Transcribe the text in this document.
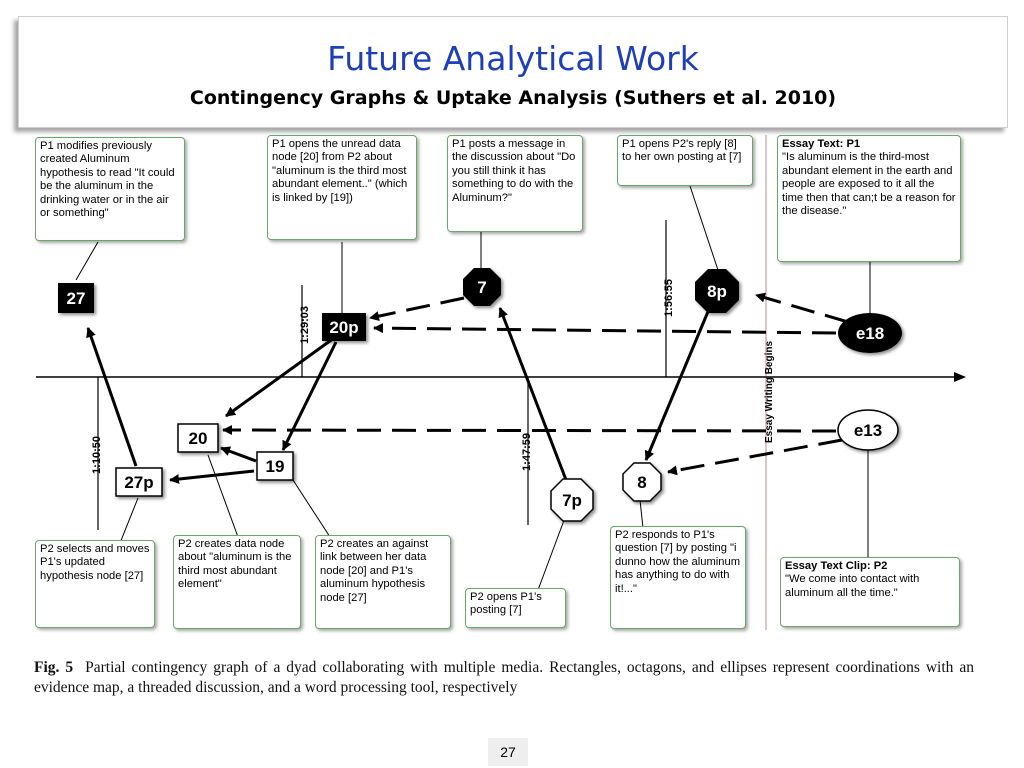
Future Analytical Work
Contingency Graphs & Uptake Analysis (Suthers et al. 2010)
1:29:03
1:56:55
1:10:50	1:47:59
Essay Writing Begins
27
20p
20
19
27p
7	8p
7p
8
e18
e13
P1 modifies previously created Aluminum hypothesis to read "It could be the aluminum in the drinking water or in the air or something"
P1 opens the unread data node [20] from P2 about "aluminum is the third most abundant element.." (which is linked by [19])
P1 posts a message in the discussion about "Do you still think it has something to do with the Aluminum?"
P1 opens P2's reply [8] to her own posting at [7]
Essay Text: P1
"Is aluminum is the third-most abundant element in the earth and people are exposed to it all the time then that can;t be a reason for the disease."
P2 selects and moves P1's updated hypothesis node [27]
P2 creates data node about "aluminum is the third most abundant element"
P2 creates an against link between her data node [20] and P1's aluminum hypothesis node [27]	P2 opens P1's posting [7]
P2 responds to P1's question [7] by posting "i dunno how the aluminum has anything to do with it!..."
Essay Text Clip: P2
"We come into contact with aluminum all the time."
Fig. 5 Partial contingency graph of a dyad collaborating with multiple media. Rectangles, octagons, and ellipses represent coordinations with an evidence map, a threaded discussion, and a word processing tool, respectively
27
